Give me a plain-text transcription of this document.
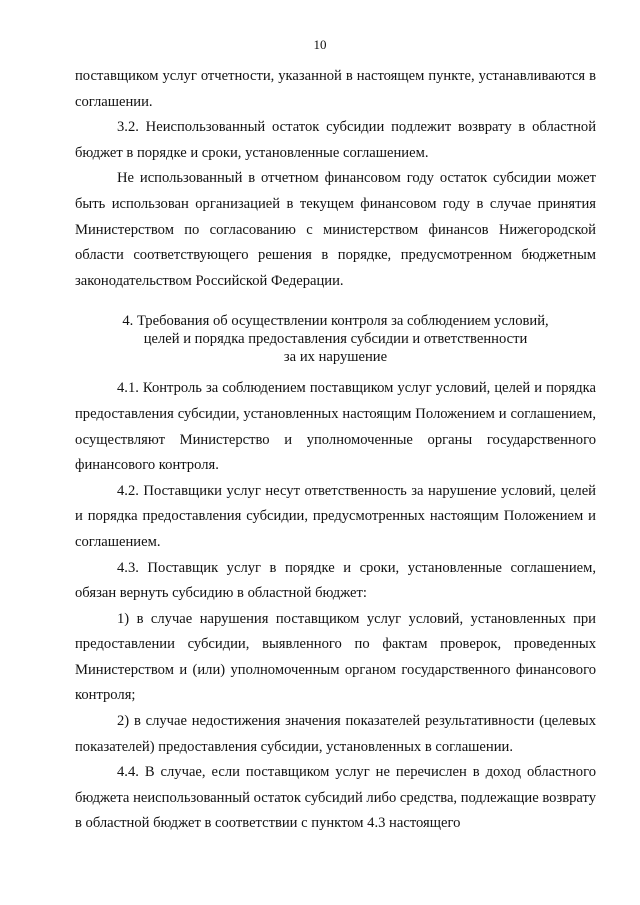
10

поставщиком услуг отчетности, указанной в настоящем пункте, устанавливаются в соглашении.

3.2. Неиспользованный остаток субсидии подлежит возврату в областной бюджет в порядке и сроки, установленные соглашением.

Не использованный в отчетном финансовом году остаток субсидии может быть использован организацией в текущем финансовом году в случае принятия Министерством по согласованию с министерством финансов Нижегородской области соответствующего решения в порядке, предусмотренном бюджетным законодательством Российской Федерации.

4. Требования об осуществлении контроля за соблюдением условий,
целей и порядка предоставления субсидии и ответственности
за их нарушение

4.1. Контроль за соблюдением поставщиком услуг условий, целей и порядка предоставления субсидии, установленных настоящим Положением и соглашением, осуществляют Министерство и уполномоченные органы государственного финансового контроля.

4.2. Поставщики услуг несут ответственность за нарушение условий, целей и порядка предоставления субсидии, предусмотренных настоящим Положением и соглашением.

4.3. Поставщик услуг в порядке и сроки, установленные соглашением, обязан вернуть субсидию в областной бюджет:

1) в случае нарушения поставщиком услуг условий, установленных при предоставлении субсидии, выявленного по фактам проверок, проведенных Министерством и (или) уполномоченным органом государственного финансового контроля;

2) в случае недостижения значения показателей результативности (целевых показателей) предоставления субсидии, установленных в соглашении.

4.4. В случае, если поставщиком услуг не перечислен в доход областного бюджета неиспользованный остаток субсидий либо средства, подлежащие возврату в областной бюджет в соответствии с пунктом 4.3 настоящего
